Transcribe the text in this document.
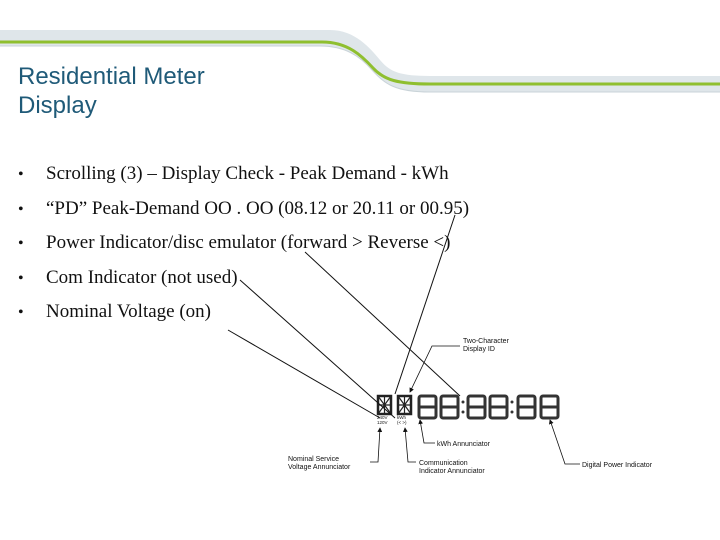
Residential Meter
Display
• Scrolling (3) – Display Check - Peak Demand - kWh
• “PD” Peak-Demand OO . OO (08.12 or 20.11 or 00.95)
• Power Indicator/disc emulator (forward > Reverse <)
• Com Indicator (not used)
• Nominal Voltage (on)
240V
120V
kWh
(< >)
Two-Character
Display ID
kWh Annunciator
Communication
Indicator Annunciator
Nominal Service
Voltage Annunciator	Digital Power Indicator
